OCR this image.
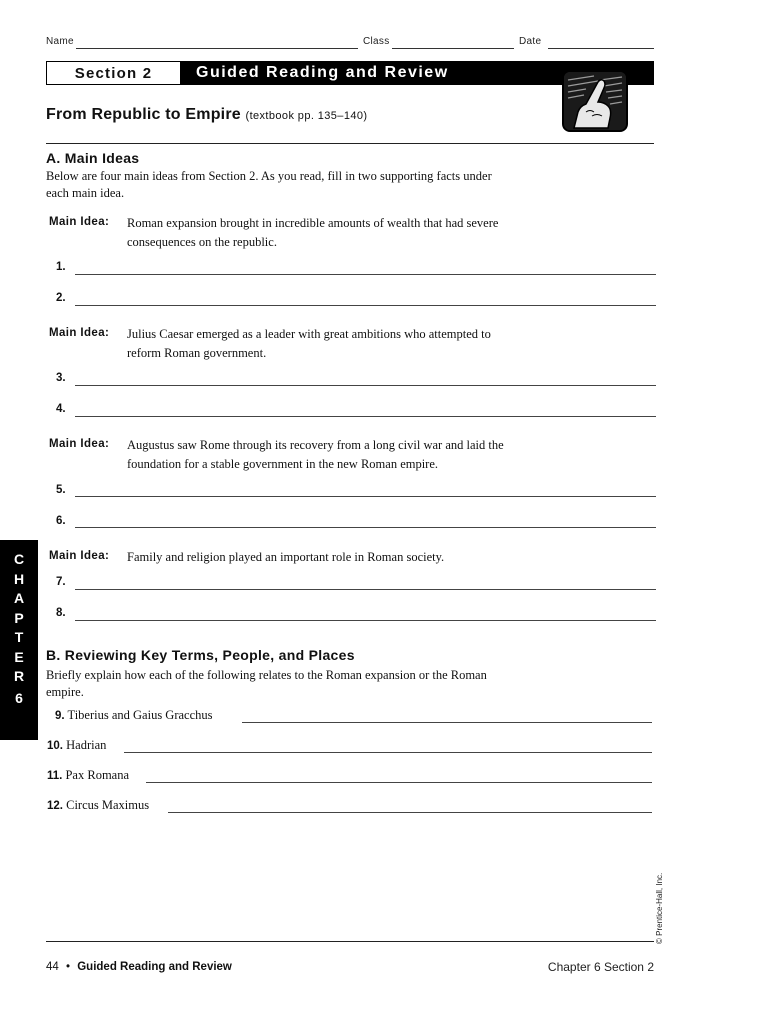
Name	Class	Date
Section 2	Guided Reading and Review
From Republic to Empire (textbook pp. 135–140)
A. Main Ideas
Below are four main ideas from Section 2. As you read, fill in two supporting facts under
each main idea.
Main Idea: Roman expansion brought in incredible amounts of wealth that had severe
consequences on the republic.
1.
2.
Main Idea: Julius Caesar emerged as a leader with great ambitions who attempted to
reform Roman government.
3.
4.
Main Idea: Augustus saw Rome through its recovery from a long civil war and laid the
foundation for a stable government in the new Roman empire.
5.
6.
Main Idea: Family and religion played an important role in Roman society.
7.
8.
B. Reviewing Key Terms, People, and Places
Briefly explain how each of the following relates to the Roman expansion or the Roman
empire.
9. Tiberius and Gaius Gracchus
10. Hadrian
11. Pax Romana
12. Circus Maximus
C
H
A
P
T
E
R
6
© Prentice-Hall, Inc.
44 • Guided Reading and Review	Chapter 6 Section 2
